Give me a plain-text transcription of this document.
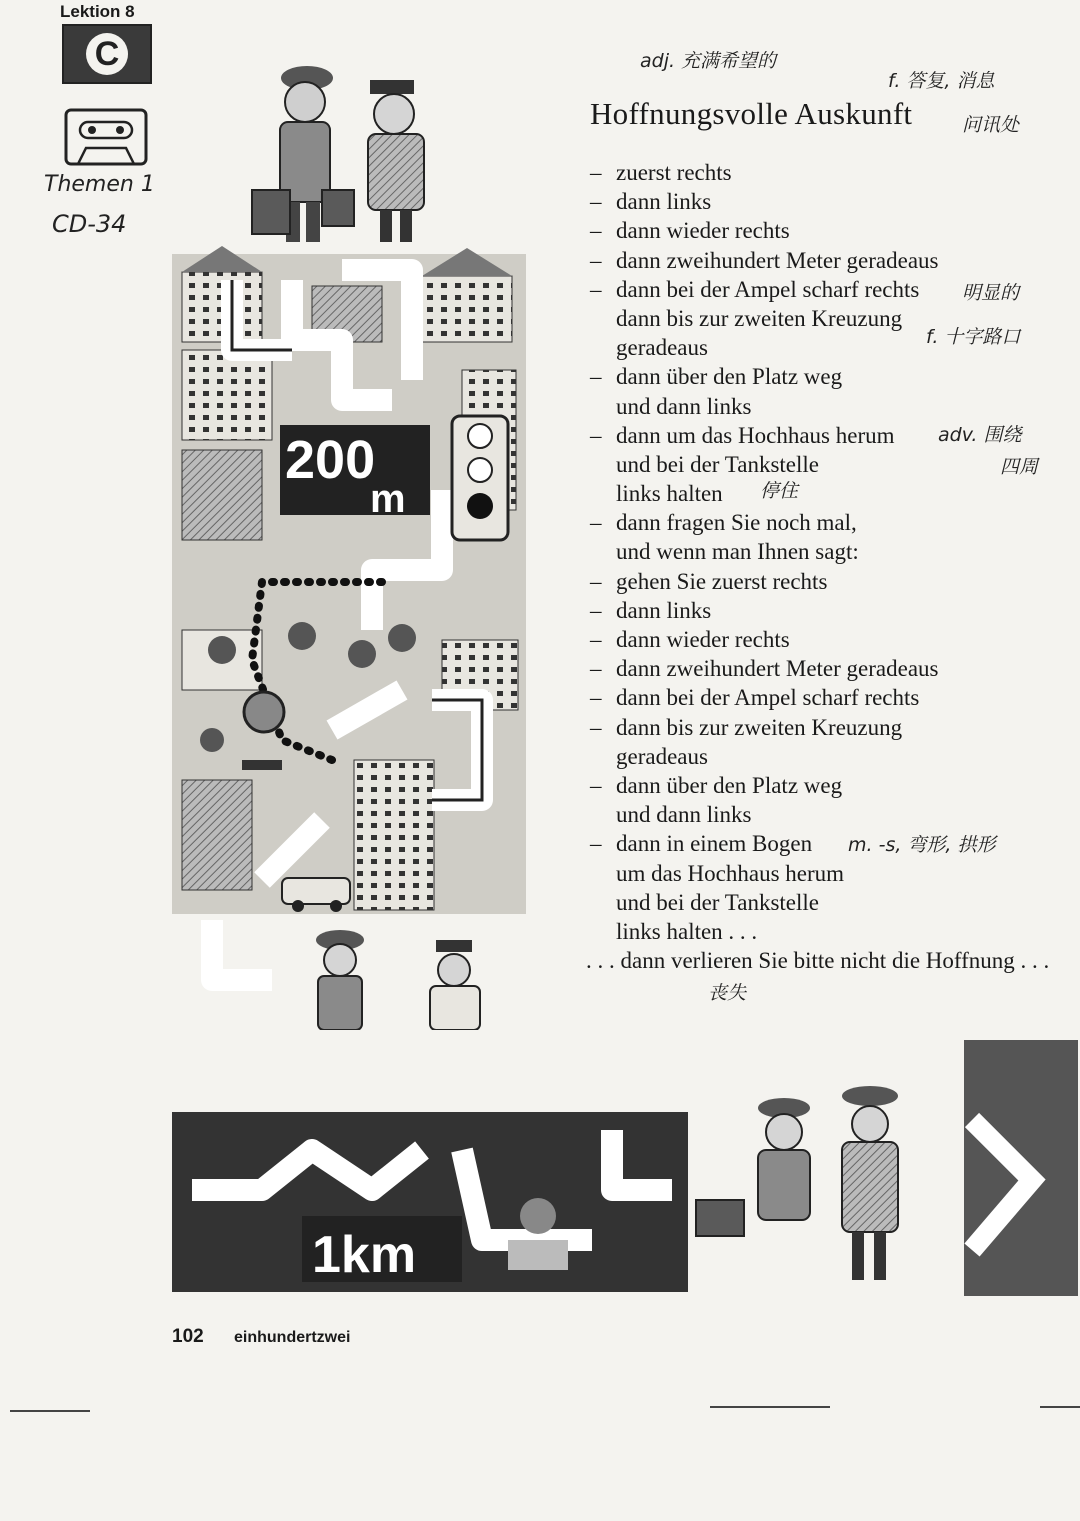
Lektion 8
C
Themen 1
CD-34
200
m
1km
adj. 充满希望的
f. 答复, 消息
问讯处
明显的
f. 十字路口
adv. 围绕
四周
停住
m. -s, 弯形, 拱形
丧失
Hoffnungsvolle Auskunft
– zuerst rechts
– dann links
– dann wieder rechts
– dann zweihundert Meter geradeaus
– dann bei der Ampel scharf rechts
dann bis zur zweiten Kreuzung
geradeaus
– dann über den Platz weg
und dann links
– dann um das Hochhaus herum
und bei der Tankstelle
links halten
– dann fragen Sie noch mal,
und wenn man Ihnen sagt:
– gehen Sie zuerst rechts
– dann links
– dann wieder rechts
– dann zweihundert Meter geradeaus
– dann bei der Ampel scharf rechts
– dann bis zur zweiten Kreuzung
geradeaus
– dann über den Platz weg
und dann links
– dann in einem Bogen
um das Hochhaus herum
und bei der Tankstelle
links halten . . .
. . . dann verlieren Sie bitte nicht die Hoffnung . . .
102 einhundertzwei
